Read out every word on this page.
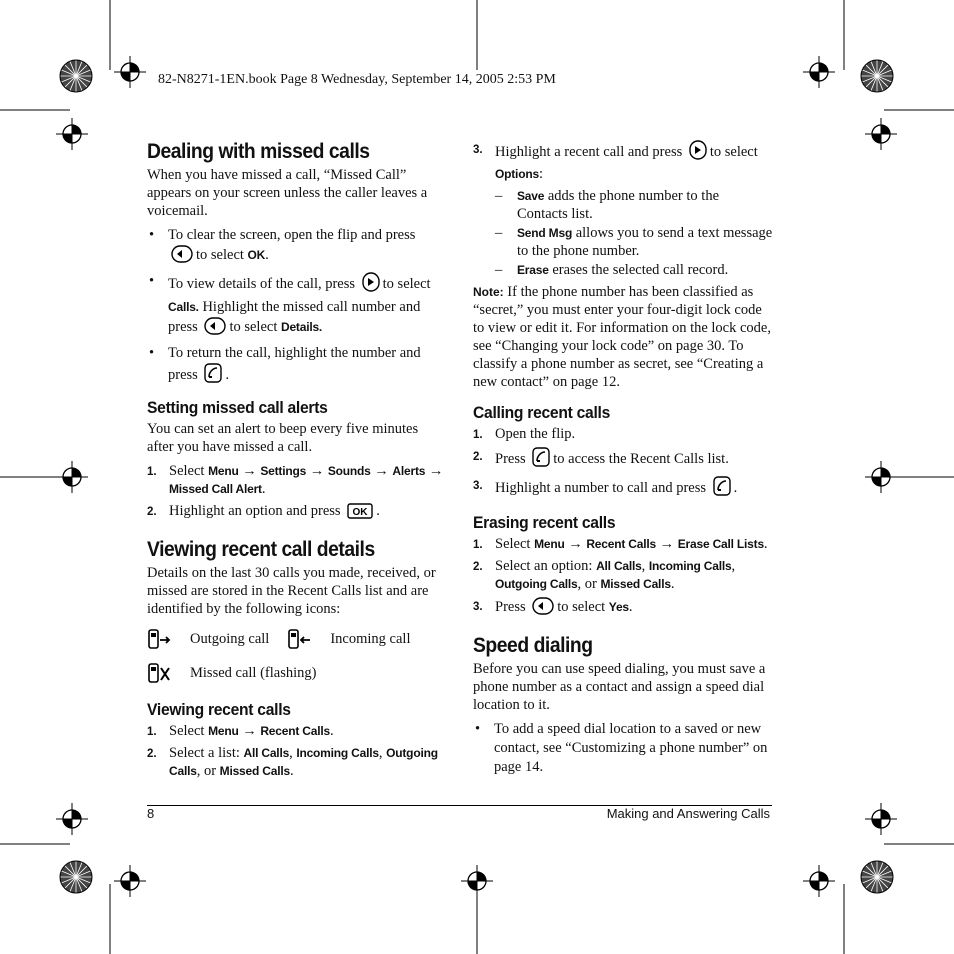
82-N8271-1EN.book Page 8 Wednesday, September 14, 2005 2:53 PM
Dealing with missed calls

When you have missed a call, “Missed Call” appears on your screen unless the caller leaves a voicemail.

• To clear the screen, open the flip and press to select OK.
• To view details of the call, press to select Calls. Highlight the missed call number and press to select Details.
• To return the call, highlight the number and press .
Setting missed call alerts

You can set an alert to beep every five minutes after you have missed a call.

1. Select Menu → Settings → Sounds → Alerts → Missed Call Alert.
2. Highlight an option and press OK .
Viewing recent call details

Details on the last 30 calls you made, received, or missed are stored in the Recent Calls list and are identified by the following icons:

Outgoing call	Incoming call
Missed call (flashing)
Viewing recent calls
1. Select Menu → Recent Calls.
2. Select a list: All Calls, Incoming Calls, Outgoing Calls, or Missed Calls.
3. Highlight a recent call and press to select Options:
– Save adds the phone number to the Contacts list.
– Send Msg allows you to send a text message to the phone number.
– Erase erases the selected call record.

Note: If the phone number has been classified as “secret,” you must enter your four-digit lock code to view or edit it. For information on the lock code, see “Changing your lock code” on page 30. To classify a phone number as secret, see “Creating a new contact” on page 12.

Calling recent calls
1. Open the flip.
2. Press to access the Recent Calls list.
3. Highlight a number to call and press .
Erasing recent calls
1. Select Menu → Recent Calls → Erase Call Lists.
2. Select an option: All Calls, Incoming Calls, Outgoing Calls, or Missed Calls.
3. Press to select Yes.
Speed dialing

Before you can use speed dialing, you must save a phone number as a contact and assign a speed dial location to it.

• To add a speed dial location to a saved or new contact, see “Customizing a phone number” on page 14.
8	Making and Answering Calls
